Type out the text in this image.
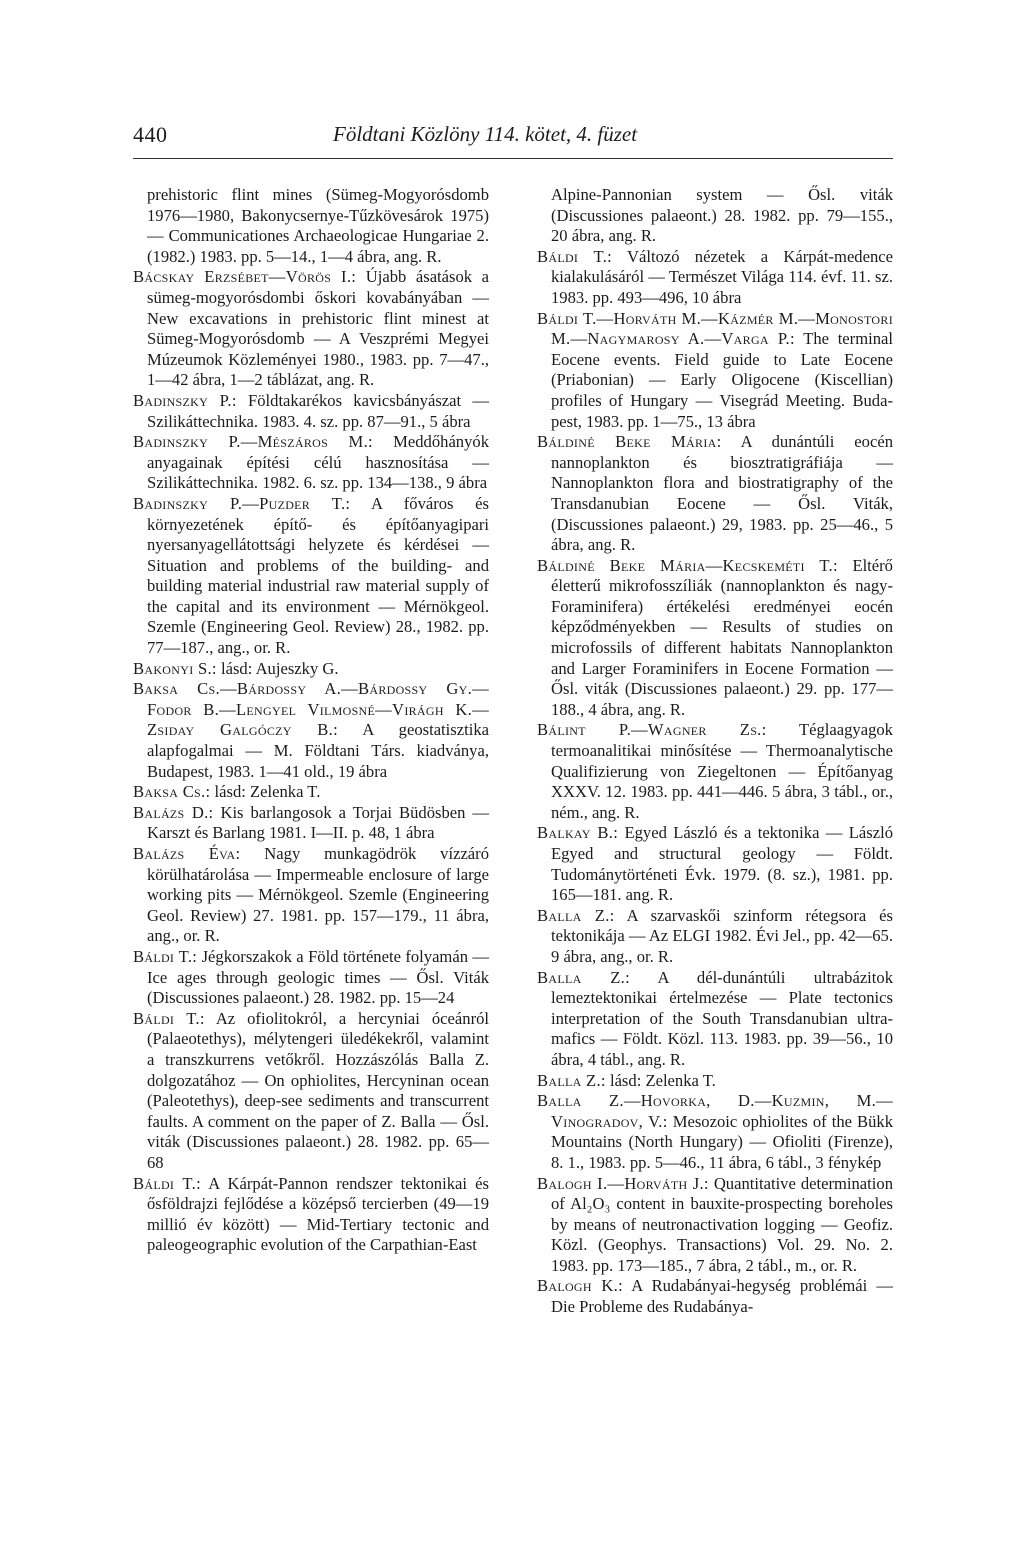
440	Földtani Közlöny 114. kötet, 4. füzet

prehistoric flint mines (Sümeg-Mogyorósdomb 1976—1980, Bakonycsernye-Tűzkövesárok 1975) — Communicationes Archaeologicae Hungariae 2. (1982.) 1983. pp. 5—14., 1—4 ábra, ang. R.

Bácskay Erzsébet—Vörös I.: Újabb ásatások a sümeg-mogyorósdombi őskori kovabányában — New excavations in prehistoric flint minest at Sümeg-Mogyorósdomb — A Veszprémi Megyei Múzeumok Közleményei 1980., 1983. pp. 7—47., 1—42 ábra, 1—2 táblázat, ang. R.

Badinszky P.: Földtakarékos kavicsbányászat — Szilikáttechnika. 1983. 4. sz. pp. 87—91., 5 ábra

Badinszky P.—Mészáros M.: Meddőhányók anyagainak építési célú hasznosítása — Szilikáttechnika. 1982. 6. sz. pp. 134—138., 9 ábra

Badinszky P.—Puzder T.: A főváros és környezetének építő- és építőanyagipari nyersanyagellátottsági helyzete és kérdései — Situation and problems of the building- and building material industrial raw material supply of the capital and its environment — Mérnökgeol. Szemle (Engineering Geol. Review) 28., 1982. pp. 77—187., ang., or. R.

Bakonyi S.: lásd: Aujeszky G.

Baksa Cs.—Bárdossy A.—Bárdossy Gy.—Fodor B.—Lengyel Vilmosné—Virágh K.—Zsiday Galgóczy B.: A geostatisztika alapfogalmai — M. Földtani Társ. kiadványa, Budapest, 1983. 1—41 old., 19 ábra

Baksa Cs.: lásd: Zelenka T.

Balázs D.: Kis barlangosok a Torjai Büdösben — Karszt és Barlang 1981. I—II. p. 48, 1 ábra

Balázs Éva: Nagy munkagödrök vízzáró körülhatárolása — Impermeable enclosure of large working pits — Mérnökgeol. Szemle (Engineering Geol. Review) 27. 1981. pp. 157—179., 11 ábra, ang., or. R.

Báldi T.: Jégkorszakok a Föld története folyamán — Ice ages through geologic times — Ősl. Viták (Discussiones palaeont.) 28. 1982. pp. 15—24

Báldi T.: Az ofiolitokról, a hercyniai óceánról (Palaeotethys), mélytengeri üledékekről, valamint a transzkurrens vetőkről. Hozzászólás Balla Z. dolgozatához — On ophiolites, Hercyninan ocean (Paleotethys), deep-see sediments and transcurrent faults. A comment on the paper of Z. Balla — Ősl. viták (Discussiones palaeont.) 28. 1982. pp. 65—68

Báldi T.: A Kárpát-Pannon rendszer tektonikai és ősföldrajzi fejlődése a középső tercierben (49—19 millió év között) — Mid-Tertiary tectonic and paleogeographic evolution of the Carpathian-East

Alpine-Pannonian system — Ősl. viták (Discussiones palaeont.) 28. 1982. pp. 79—155., 20 ábra, ang. R.

Báldi T.: Változó nézetek a Kárpát-medence kialakulásáról — Természet Világa 114. évf. 11. sz. 1983. pp. 493—496, 10 ábra

Báldi T.—Horváth M.—Kázmér M.—Monostori M.—Nagymarosy A.—Varga P.: The terminal Eocene events. Field guide to Late Eocene (Priabonian) — Early Oligocene (Kiscellian) profiles of Hungary — Visegrád Meeting. Budapest, 1983. pp. 1—75., 13 ábra

Báldiné Beke Mária: A dunántúli eocén nannoplankton és biosztratigráfiája — Nannoplankton flora and biostratigraphy of the Transdanubian Eocene — Ősl. Viták, (Discussiones palaeont.) 29, 1983. pp. 25—46., 5 ábra, ang. R.

Báldiné Beke Mária—Kecskeméti T.: Eltérő életterű mikrofosszíliák (nannoplankton és nagy-Foraminifera) értékelési eredményei eocén képződményekben — Results of studies on microfossils of different habitats Nannoplankton and Larger Foraminifers in Eocene Formation — Ősl. viták (Discussiones palaeont.) 29. pp. 177—188., 4 ábra, ang. R.

Bálint P.—Wagner Zs.: Téglaagyagok termoanalitikai minősítése — Thermoanalytische Qualifizierung von Ziegeltonen — Építőanyag XXXV. 12. 1983. pp. 441—446. 5 ábra, 3 tábl., or., ném., ang. R.

Balkay B.: Egyed László és a tektonika — László Egyed and structural geology — Földt. Tudománytörténeti Évk. 1979. (8. sz.), 1981. pp. 165—181. ang. R.

Balla Z.: A szarvaskői szinform rétegsora és tektonikája — Az ELGI 1982. Évi Jel., pp. 42—65. 9 ábra, ang., or. R.

Balla Z.: A dél-dunántúli ultrabázitok lemeztektonikai értelmezése — Plate tectonics interpretation of the South Transdanubian ultra-mafics — Földt. Közl. 113. 1983. pp. 39—56., 10 ábra, 4 tábl., ang. R.

Balla Z.: lásd: Zelenka T.

Balla Z.—Hovorka, D.—Kuzmin, M.—Vinogradov, V.: Mesozoic ophiolites of the Bükk Mountains (North Hungary) — Ofioliti (Firenze), 8. 1., 1983. pp. 5—46., 11 ábra, 6 tábl., 3 fénykép

Balogh I.—Horváth J.: Quantitative determination of Al₂O₃ content in bauxite-prospecting boreholes by means of neutronactivation logging — Geofiz. Közl. (Geophys. Transactions) Vol. 29. No. 2. 1983. pp. 173—185., 7 ábra, 2 tábl., m., or. R.

Balogh K.: A Rudabányai-hegység problémái — Die Probleme des Rudabánya-
